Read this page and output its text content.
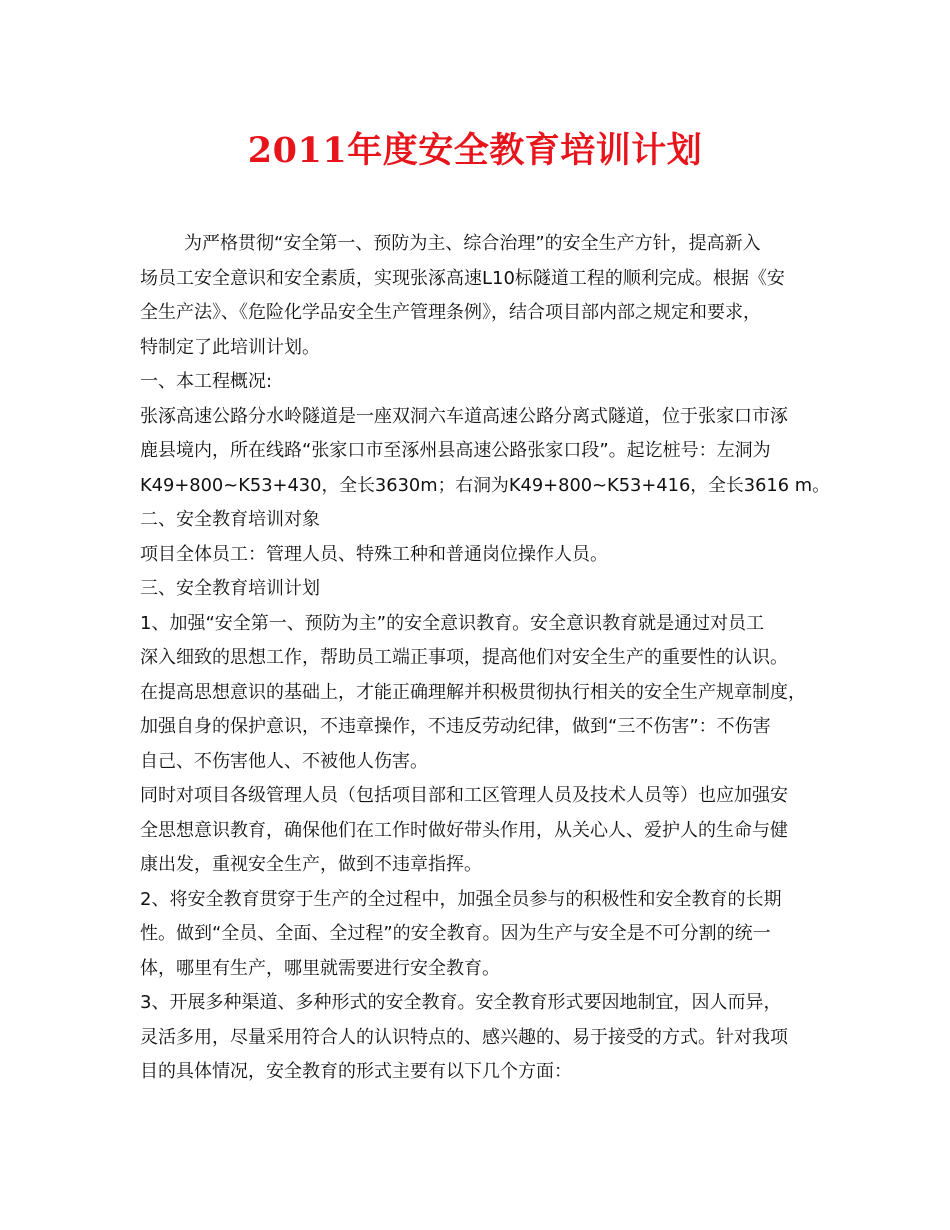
2011年度安全教育培训计划
为严格贯彻“安全第一、预防为主、综合治理”的安全生产方针，提高新入
场员工安全意识和安全素质，实现张涿高速L10标隧道工程的顺利完成。根据《安
全生产法》、《危险化学品安全生产管理条例》，结合项目部内部之规定和要求，
特制定了此培训计划。
一、本工程概况:
张涿高速公路分水岭隧道是一座双洞六车道高速公路分离式隧道，位于张家口市涿
鹿县境内，所在线路“张家口市至涿州县高速公路张家口段”。起讫桩号：左洞为
K49+800~K53+430，全长3630m；右洞为K49+800~K53+416，全长3616 m。
二、安全教育培训对象
项目全体员工：管理人员、特殊工种和普通岗位操作人员。
三、安全教育培训计划
1、加强“安全第一、预防为主”的安全意识教育。安全意识教育就是通过对员工
深入细致的思想工作，帮助员工端正事项，提高他们对安全生产的重要性的认识。
在提高思想意识的基础上，才能正确理解并积极贯彻执行相关的安全生产规章制度，
加强自身的保护意识，不违章操作，不违反劳动纪律，做到“三不伤害”：不伤害
自己、不伤害他人、不被他人伤害。
同时对项目各级管理人员（包括项目部和工区管理人员及技术人员等）也应加强安
全思想意识教育，确保他们在工作时做好带头作用，从关心人、爱护人的生命与健
康出发，重视安全生产，做到不违章指挥。
2、将安全教育贯穿于生产的全过程中，加强全员参与的积极性和安全教育的长期
性。做到“全员、全面、全过程”的安全教育。因为生产与安全是不可分割的统一
体，哪里有生产，哪里就需要进行安全教育。
3、开展多种渠道、多种形式的安全教育。安全教育形式要因地制宜，因人而异，
灵活多用，尽量采用符合人的认识特点的、感兴趣的、易于接受的方式。针对我项
目的具体情况，安全教育的形式主要有以下几个方面：
